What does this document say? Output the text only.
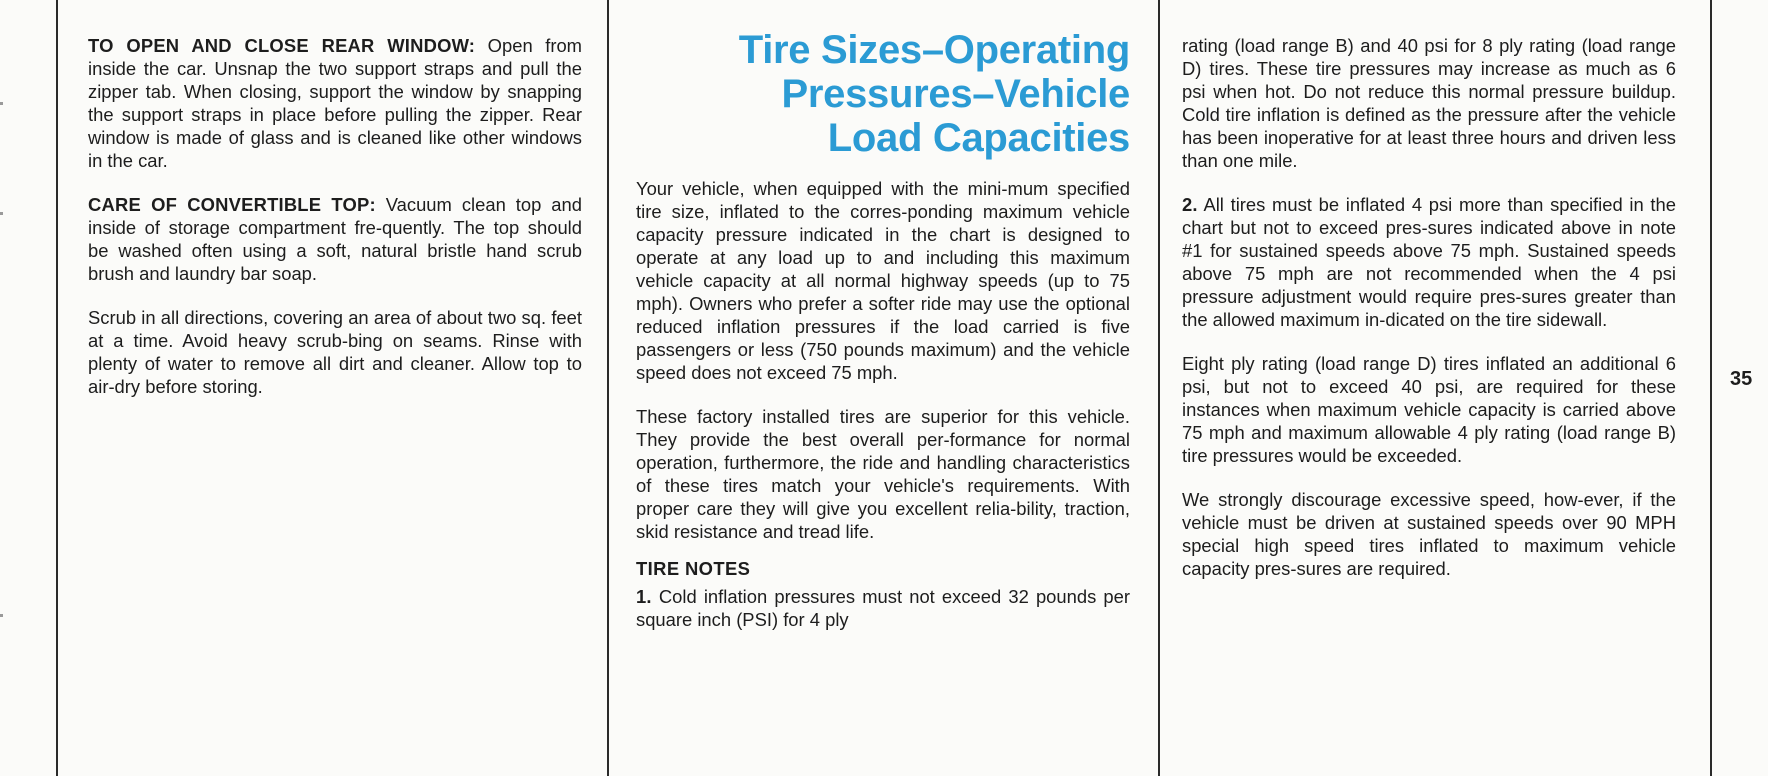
TO OPEN AND CLOSE REAR WINDOW: Open from inside the car. Unsnap the two support straps and pull the zipper tab. When closing, support the window by snapping the support straps in place before pulling the zipper. Rear window is made of glass and is cleaned like other windows in the car.

CARE OF CONVERTIBLE TOP: Vacuum clean top and inside of storage compartment fre-quently. The top should be washed often using a soft, natural bristle hand scrub brush and laundry bar soap.

Scrub in all directions, covering an area of about two sq. feet at a time. Avoid heavy scrub-bing on seams. Rinse with plenty of water to remove all dirt and cleaner. Allow top to air-dry before storing.

Tire Sizes–Operating
Pressures–Vehicle
Load Capacities

Your vehicle, when equipped with the mini-mum specified tire size, inflated to the corres-ponding maximum vehicle capacity pressure indicated in the chart is designed to operate at any load up to and including this maximum vehicle capacity at all normal highway speeds (up to 75 mph). Owners who prefer a softer ride may use the optional reduced inflation pressures if the load carried is five passengers or less (750 pounds maximum) and the vehicle speed does not exceed 75 mph.

These factory installed tires are superior for this vehicle. They provide the best overall per-formance for normal operation, furthermore, the ride and handling characteristics of these tires match your vehicle's requirements. With proper care they will give you excellent relia-bility, traction, skid resistance and tread life.

TIRE NOTES

1. Cold inflation pressures must not exceed 32 pounds per square inch (PSI) for 4 ply

rating (load range B) and 40 psi for 8 ply rating (load range D) tires. These tire pressures may increase as much as 6 psi when hot. Do not reduce this normal pressure buildup. Cold tire inflation is defined as the pressure after the vehicle has been inoperative for at least three hours and driven less than one mile.

2. All tires must be inflated 4 psi more than specified in the chart but not to exceed pres-sures indicated above in note #1 for sustained speeds above 75 mph. Sustained speeds above 75 mph are not recommended when the 4 psi pressure adjustment would require pres-sures greater than the allowed maximum in-dicated on the tire sidewall.

Eight ply rating (load range D) tires inflated an additional 6 psi, but not to exceed 40 psi, are required for these instances when maximum vehicle capacity is carried above 75 mph and maximum allowable 4 ply rating (load range B) tire pressures would be exceeded.

We strongly discourage excessive speed, how-ever, if the vehicle must be driven at sustained speeds over 90 MPH special high speed tires inflated to maximum vehicle capacity pres-sures are required.

35
